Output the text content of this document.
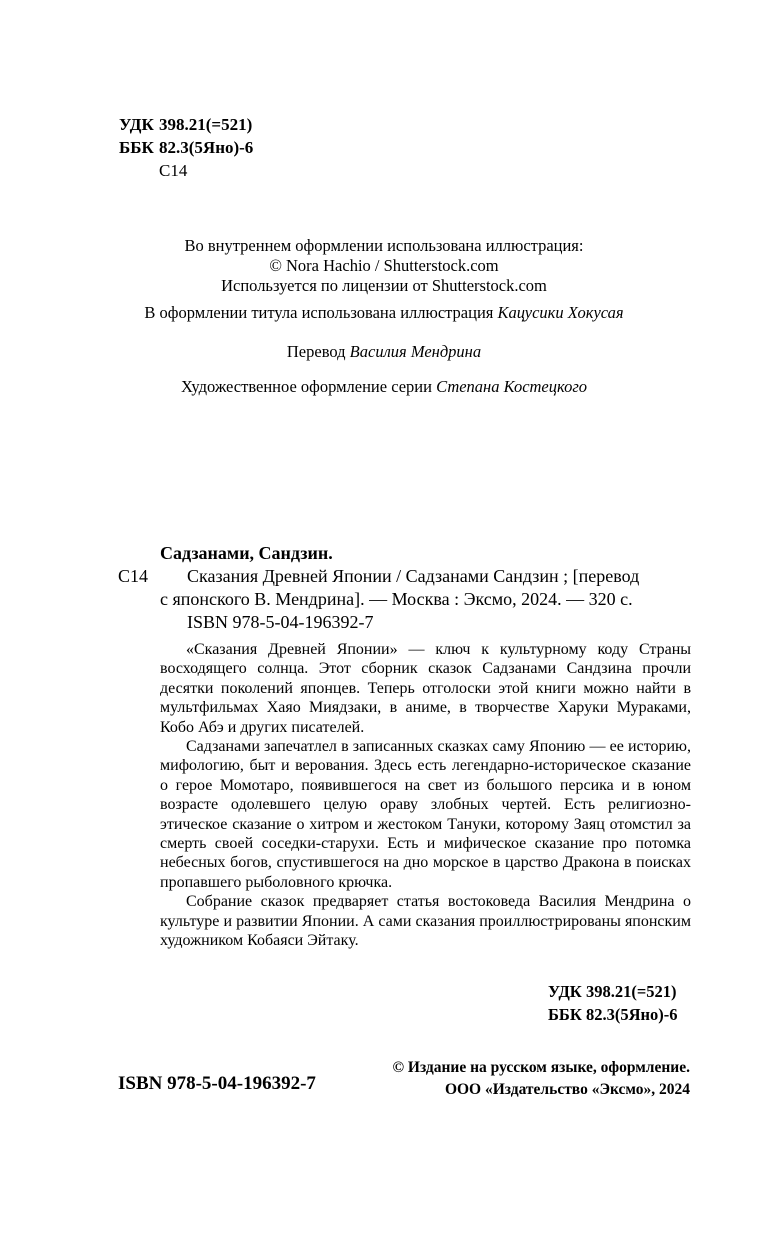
УДК 398.21(=521)
ББК 82.3(5Яно)-6
С14
Во внутреннем оформлении использована иллюстрация:
© Nora Hachio / Shutterstock.com
Используется по лицензии от Shutterstock.com
В оформлении титула использована иллюстрация Кацусики Хокусая
Перевод Василия Мендрина
Художественное оформление серии Степана Костецкого
Садзанами, Сандзин.
С14 Сказания Древней Японии / Садзанами Сандзин ; [перевод
с японского В. Мендрина]. — Москва : Эксмо, 2024. — 320 с.
ISBN 978-5-04-196392-7

«Сказания Древней Японии» — ключ к культурному коду Страны восходящего солнца. Этот сборник сказок Садзанами Сандзина прочли десятки поколений японцев. Теперь отголоски этой книги можно найти в мультфильмах Хаяо Миядзаки, в аниме, в творчестве Харуки Мураками, Кобо Абэ и других писателей.

Садзанами запечатлел в записанных сказках саму Японию — ее историю, мифологию, быт и верования. Здесь есть легендарно-историческое сказание о герое Момотаро, появившегося на свет из большого персика и в юном возрасте одолевшего целую ораву злобных чертей. Есть религиозно-этическое сказание о хитром и жестоком Тануки, которому Заяц отомстил за смерть своей соседки-старухи. Есть и мифическое сказание про потомка небесных богов, спустившегося на дно морское в царство Дракона в поисках пропавшего рыболовного крючка.

Собрание сказок предваряет статья востоковеда Василия Мендрина о культуре и развитии Японии. А сами сказания проиллюстрированы японским художником Кобаяси Эйтаку.

УДК 398.21(=521)
ББК 82.3(5Яно)-6
ISBN 978-5-04-196392-7
© Издание на русском языке, оформление.
ООО «Издательство «Эксмо», 2024
